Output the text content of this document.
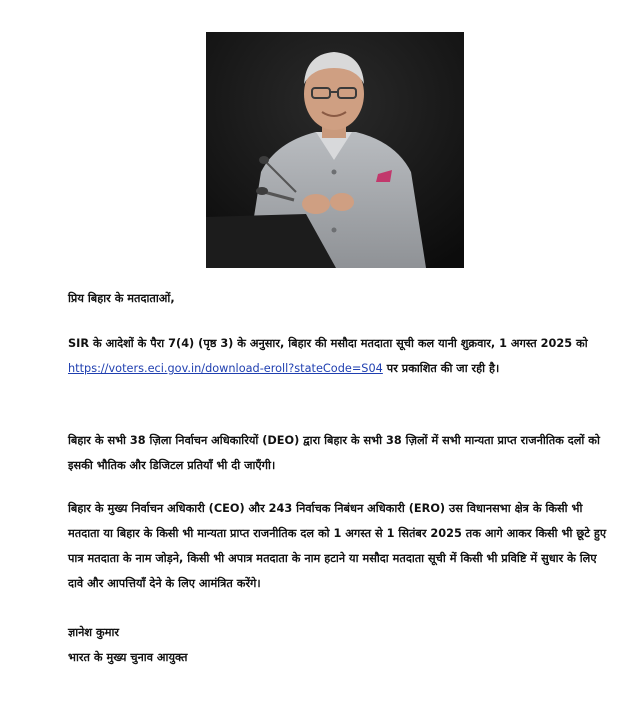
प्रिय बिहार के मतदाताओं,
SIR के आदेशों के पैरा 7(4) (पृष्ठ 3) के अनुसार, बिहार की मसौदा मतदाता सूची कल यानी शुक्रवार, 1 अगस्त 2025 को https://voters.eci.gov.in/download-eroll?stateCode=S04 पर प्रकाशित की जा रही है।
बिहार के सभी 38 ज़िला निर्वाचन अधिकारियों (DEO) द्वारा बिहार के सभी 38 ज़िलों में सभी मान्यता प्राप्त राजनीतिक दलों को इसकी भौतिक और डिजिटल प्रतियाँ भी दी जाएँगी।
बिहार के मुख्य निर्वाचन अधिकारी (CEO) और 243 निर्वाचक निबंधन अधिकारी (ERO) उस विधानसभा क्षेत्र के किसी भी मतदाता या बिहार के किसी भी मान्यता प्राप्त राजनीतिक दल को 1 अगस्त से 1 सितंबर 2025 तक आगे आकर किसी भी छूटे हुए पात्र मतदाता के नाम जोड़ने, किसी भी अपात्र मतदाता के नाम हटाने या मसौदा मतदाता सूची में किसी भी प्रविष्टि में सुधार के लिए दावे और आपत्तियाँ देने के लिए आमंत्रित करेंगे।
ज्ञानेश कुमार
भारत के मुख्य चुनाव आयुक्त
